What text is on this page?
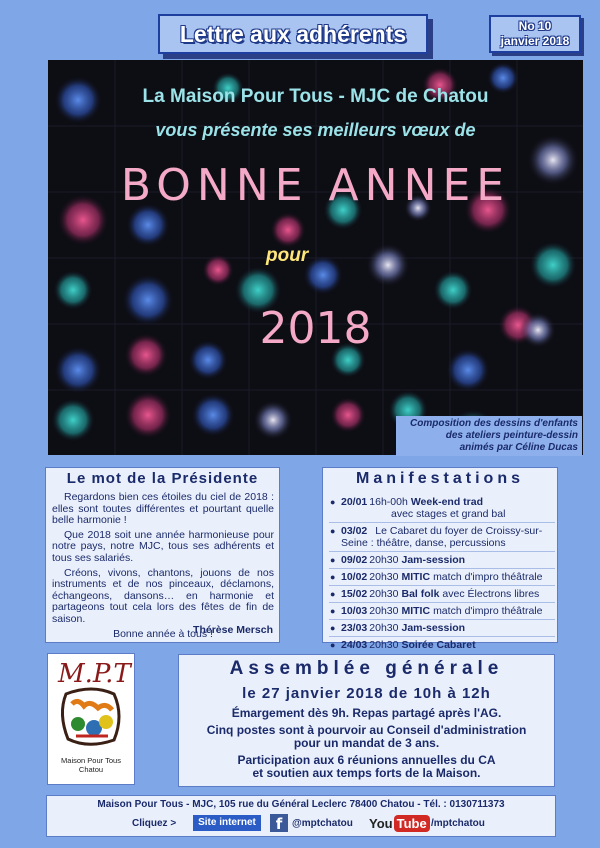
Lettre aux adhérents	No 10
janvier 2018
La Maison Pour Tous - MJC de Chatou
vous présente ses meilleurs vœux de
BONNE ANNEE
pour
2018
Composition des dessins d'enfants
des ateliers peinture-dessin
animés par Céline Ducas
Le mot de la Présidente

Regardons bien ces étoiles du ciel de 2018 : elles sont toutes différentes et pourtant quelle belle harmonie !

Que 2018 soit une année harmonieuse pour notre pays, notre MJC, tous ses adhérents et tous ses salariés.

Créons, vivons, chantons, jouons de nos instruments et de nos pinceaux, déclamons, échangeons, dansons… en harmonie et partageons tout cela lors des fêtes de fin de saison.

Bonne année à tous !

Thérèse Mersch
Manifestations
● 20/01 16h-00h Week-end trad
avec stages et grand bal
● 03/02 Le Cabaret du foyer de Croissy-sur-Seine : théâtre, danse, percussions
● 09/02 20h30 Jam-session
● 10/02 20h30 MITIC match d'impro théâtrale
● 15/02 20h30 Bal folk avec Électrons libres
● 10/03 20h30 MITIC match d'impro théâtrale
● 23/03 20h30 Jam-session
● 24/03 20h30 Soirée Cabaret
M.P.T
Maison Pour Tous
Chatou
Assemblée générale
le 27 janvier 2018 de 10h à 12h
Émargement dès 9h. Repas partagé après l'AG.
Cinq postes sont à pourvoir au Conseil d'administration
pour un mandat de 3 ans.
Participation aux 6 réunions annuelles du CA
et soutien aux temps forts de la Maison.
Maison Pour Tous - MJC, 105 rue du Général Leclerc 78400 Chatou - Tél. : 0130711373
Cliquez >	Site internet	f @mptchatou You Tube /mptchatou
